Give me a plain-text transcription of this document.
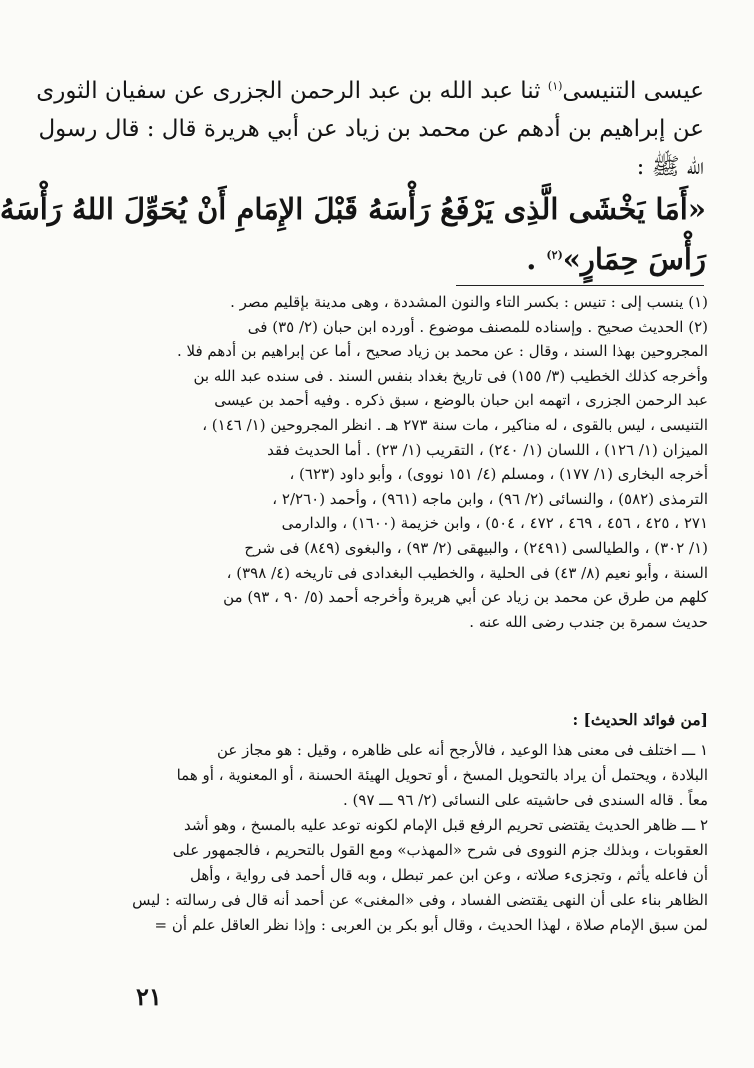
عيسى التنيسى$^{(١)}$ ثنا عبد الله بن عبد الرحمن الجزرى عن سفيان الثورى
عن إبراهيم بن أدهم عن محمد بن زياد عن أبي هريرة قال : قال رسول
الله ﷺ :
«أَمَا يَخْشَى الَّذِى يَرْفَعُ رَأْسَهُ قَبْلَ الإِمَامِ أَنْ يُحَوِّلَ اللهُ رَأْسَهُ
رَأْسَ حِمَارٍ»$^{(٢)}$ .
(١) ينسب إلى : تنيس : بكسر التاء والنون المشددة ، وهى مدينة بإقليم مصر .
(٢) الحديث صحيح . وإسناده للمصنف موضوع . أورده ابن حبان (٢/ ٣٥) فى
المجروحين بهذا السند ، وقال : عن محمد بن زياد صحيح ، أما عن إبراهيم بن أدهم فلا .
وأخرجه كذلك الخطيب (٣/ ١٥٥) فى تاريخ بغداد بنفس السند . فى سنده عبد الله بن
عبد الرحمن الجزرى ، اتهمه ابن حبان بالوضع ، سبق ذكره . وفيه أحمد بن عيسى
التنيسى ، ليس بالقوى ، له مناكير ، مات سنة ٢٧٣ هـ . انظر المجروحين (١/ ١٤٦) ،
الميزان (١/ ١٢٦) ، اللسان (١/ ٢٤٠) ، التقريب (١/ ٢٣) . أما الحديث فقد
أخرجه البخارى (١/ ١٧٧) ، ومسلم (٤/ ١٥١ نووى) ، وأبو داود (٦٢٣) ،
الترمذى (٥٨٢) ، والنسائى (٢/ ٩٦) ، وابن ماجه (٩٦١) ، وأحمد (٢/٢٦٠ ،
٢٧١ ، ٤٢٥ ، ٤٥٦ ، ٤٦٩ ، ٤٧٢ ، ٥٠٤) ، وابن خزيمة (١٦٠٠) ، والدارمى
(١/ ٣٠٢) ، والطيالسى (٢٤٩١) ، والبيهقى (٢/ ٩٣) ، والبغوى (٨٤٩) فى شرح
السنة ، وأبو نعيم (٨/ ٤٣) فى الحلية ، والخطيب البغدادى فى تاريخه (٤/ ٣٩٨) ،
كلهم من طرق عن محمد بن زياد عن أبي هريرة وأخرجه أحمد (٥/ ٩٠ ، ٩٣) من
حديث سمرة بن جندب رضى الله عنه .
[من فوائد الحديث] :
١ ـــ اختلف فى معنى هذا الوعيد ، فالأرجح أنه على ظاهره ، وقيل : هو مجاز عن
البلادة ، ويحتمل أن يراد بالتحويل المسخ ، أو تحويل الهيئة الحسنة ، أو المعنوية ، أو هما
معاً . قاله السندى فى حاشيته على النسائى (٢/ ٩٦ ـــ ٩٧) .
٢ ـــ ظاهر الحديث يقتضى تحريم الرفع قبل الإمام لكونه توعد عليه بالمسخ ، وهو أشد
العقوبات ، وبذلك جزم النووى فى شرح «المهذب» ومع القول بالتحريم ، فالجمهور على
أن فاعله يأثم ، وتجزىء صلاته ، وعن ابن عمر تبطل ، وبه قال أحمد فى رواية ، وأهل
الظاهر بناء على أن النهى يقتضى الفساد ، وفى «المغنى» عن أحمد أنه قال فى رسالته : ليس
لمن سبق الإمام صلاة ، لهذا الحديث ، وقال أبو بكر بن العربى : وإذا نظر العاقل علم أن =
٢١
